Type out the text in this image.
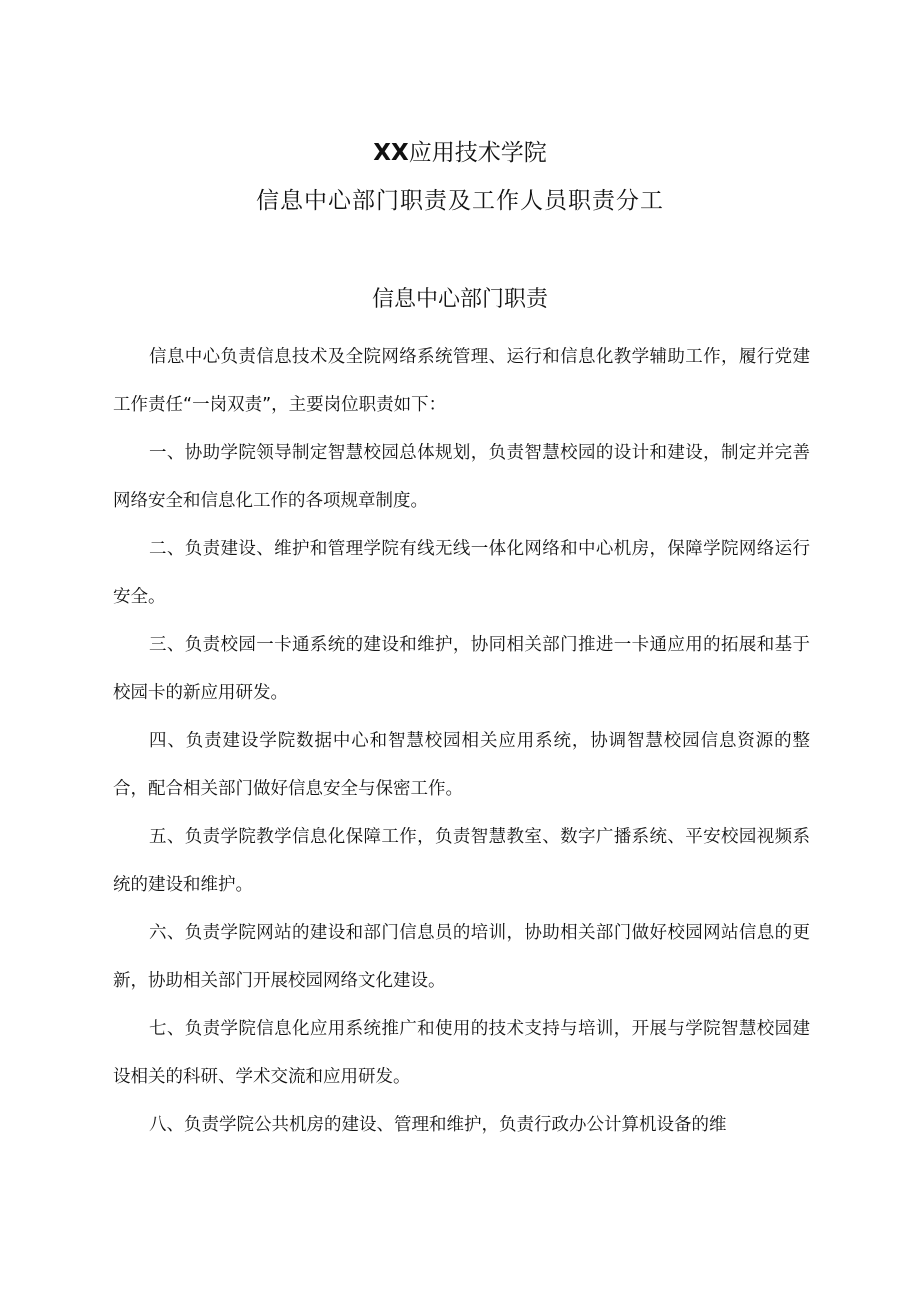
XX应用技术学院
信息中心部门职责及工作人员职责分工
信息中心部门职责

信息中心负责信息技术及全院网络系统管理、运行和信息化教学辅助工作，履行党建工作责任“一岗双责”，主要岗位职责如下：

一、协助学院领导制定智慧校园总体规划，负责智慧校园的设计和建设，制定并完善网络安全和信息化工作的各项规章制度。

二、负责建设、维护和管理学院有线无线一体化网络和中心机房，保障学院网络运行安全。

三、负责校园一卡通系统的建设和维护，协同相关部门推进一卡通应用的拓展和基于校园卡的新应用研发。

四、负责建设学院数据中心和智慧校园相关应用系统，协调智慧校园信息资源的整合，配合相关部门做好信息安全与保密工作。

五、负责学院教学信息化保障工作，负责智慧教室、数字广播系统、平安校园视频系统的建设和维护。

六、负责学院网站的建设和部门信息员的培训，协助相关部门做好校园网站信息的更新，协助相关部门开展校园网络文化建设。

七、负责学院信息化应用系统推广和使用的技术支持与培训，开展与学院智慧校园建设相关的科研、学术交流和应用研发。

八、负责学院公共机房的建设、管理和维护，负责行政办公计算机设备的维
